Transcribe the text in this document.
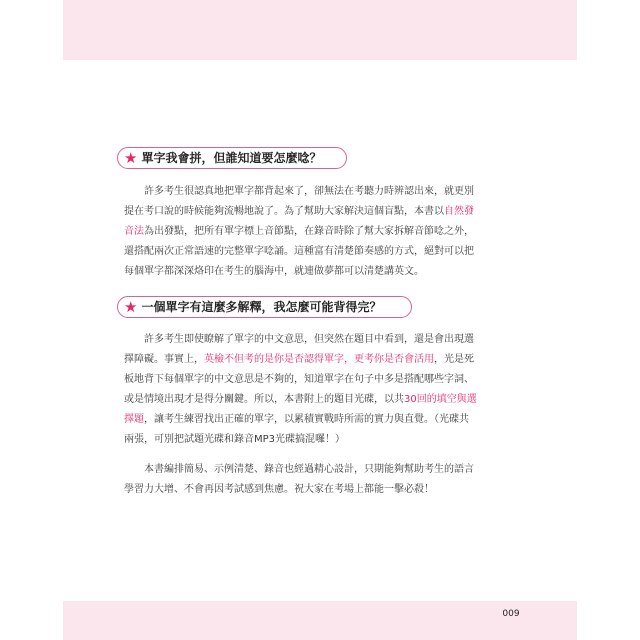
★ 單字我會拼，但誰知道要怎麼唸？

許多考生很認真地把單字都背起來了，卻無法在考聽力時辨認出來，就更別
提在考口說的時候能夠流暢地說了。為了幫助大家解決這個盲點，本書以自然發
音法為出發點，把所有單字標上音節點，在錄音時除了幫大家拆解音節唸之外，
還搭配兩次正常語速的完整單字唸誦。這種富有清楚節奏感的方式，絕對可以把
每個單字都深深烙印在考生的腦海中，就連做夢都可以清楚講英文。

★ 一個單字有這麼多解釋，我怎麼可能背得完？

許多考生即使瞭解了單字的中文意思，但突然在題目中看到，還是會出現選
擇障礙。事實上，英檢不但考的是你是否認得單字，更考你是否會活用，光是死
板地背下每個單字的中文意思是不夠的，知道單字在句子中多是搭配哪些字詞、
或是情境出現才是得分關鍵。所以，本書附上的題目光碟，以共30回的填空與選
擇題，讓考生練習找出正確的單字，以累積實戰時所需的實力與直覺。（光碟共
兩張，可別把試題光碟和錄音MP3光碟搞混囉！）

本書編排簡易、示例清楚、錄音也經過精心設計，只期能夠幫助考生的語言
學習力大增、不會再因考試感到焦慮。祝大家在考場上都能一擊必殺！

009
